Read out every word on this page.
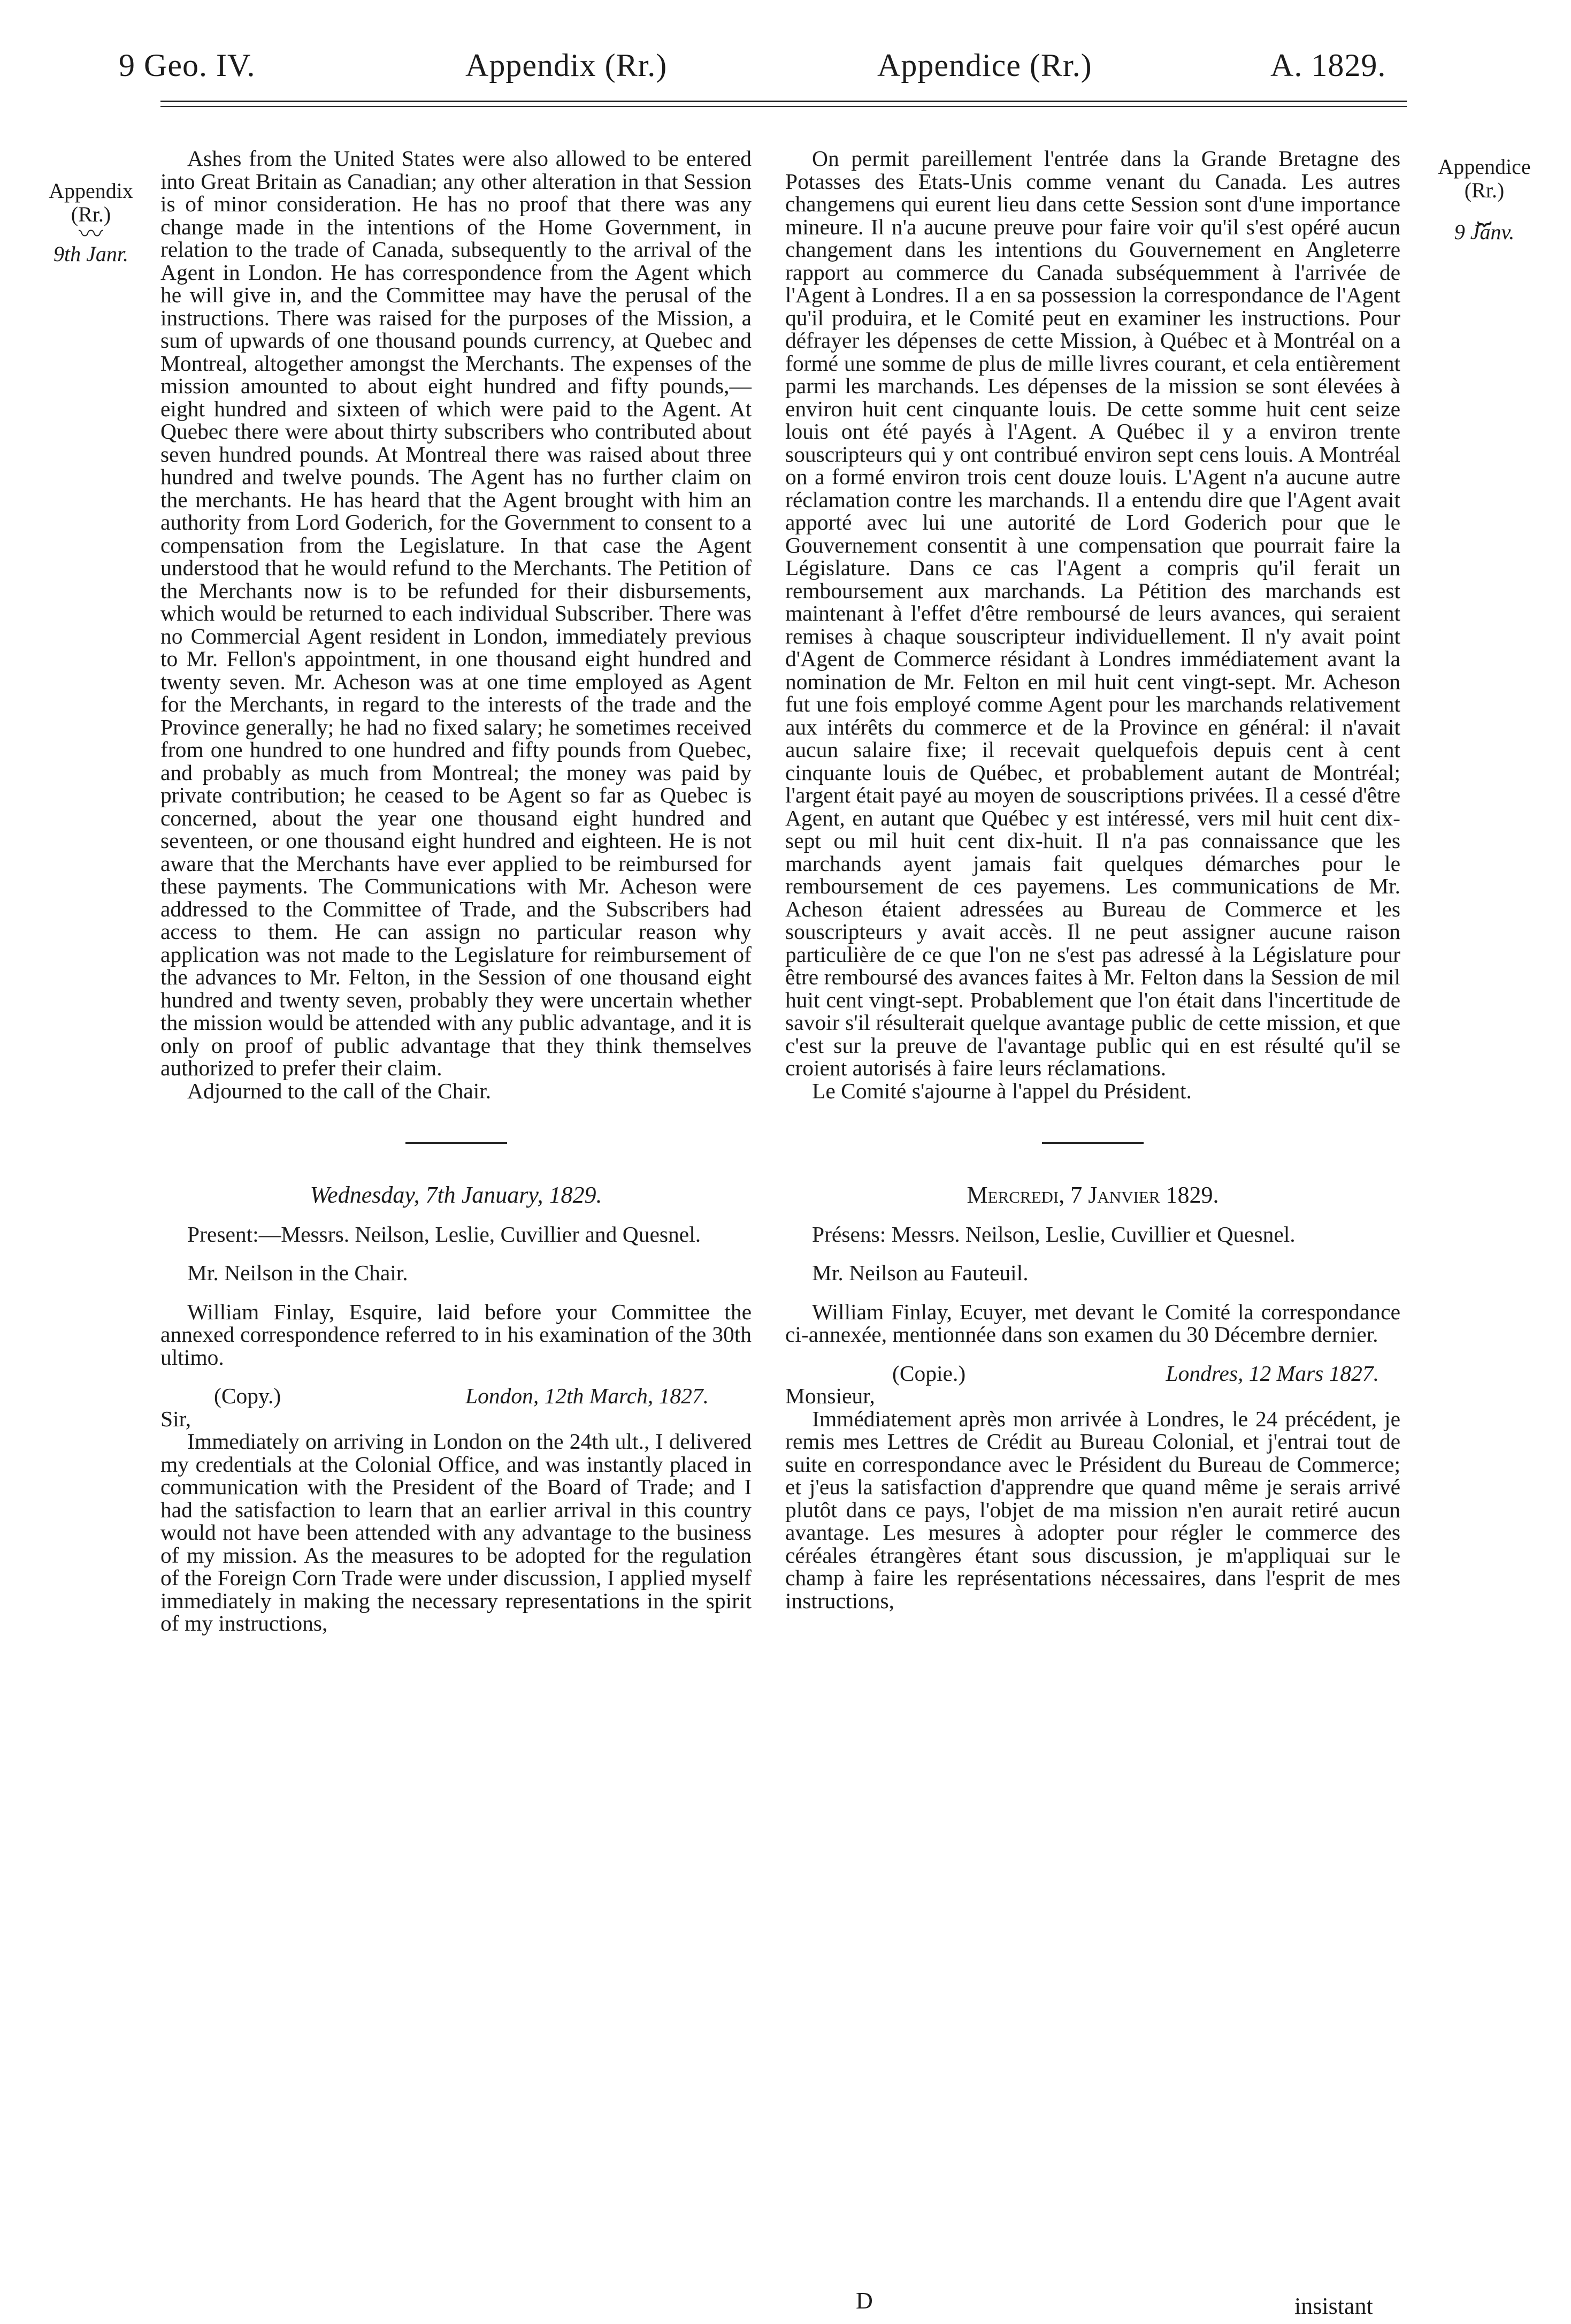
9 Geo. IV.	Appendix (Rr.)	Appendice (Rr.)	A. 1829.
Appendix
(Rr.)
〰
9th Janr.
Appendice
(Rr.)
⏟
9 Janv.

Ashes from the United States were also allowed to be entered into Great Britain as Canadian; any other alteration in that Session is of minor consideration. He has no proof that there was any change made in the intentions of the Home Government, in relation to the trade of Canada, subsequently to the arrival of the Agent in London. He has correspondence from the Agent which he will give in, and the Committee may have the perusal of the instructions. There was raised for the purposes of the Mission, a sum of upwards of one thousand pounds currency, at Quebec and Montreal, altogether amongst the Merchants. The expenses of the mission amounted to about eight hundred and fifty pounds,—eight hundred and sixteen of which were paid to the Agent. At Quebec there were about thirty subscribers who contributed about seven hundred pounds. At Montreal there was raised about three hundred and twelve pounds. The Agent has no further claim on the merchants. He has heard that the Agent brought with him an authority from Lord Goderich, for the Government to consent to a compensation from the Legislature. In that case the Agent understood that he would refund to the Merchants. The Petition of the Merchants now is to be refunded for their disbursements, which would be returned to each individual Subscriber. There was no Commercial Agent resident in London, immediately previous to Mr. Fellon's appointment, in one thousand eight hundred and twenty seven. Mr. Acheson was at one time employed as Agent for the Merchants, in regard to the interests of the trade and the Province generally; he had no fixed salary; he sometimes received from one hundred to one hundred and fifty pounds from Quebec, and probably as much from Montreal; the money was paid by private contribution; he ceased to be Agent so far as Quebec is concerned, about the year one thousand eight hundred and seventeen, or one thousand eight hundred and eighteen. He is not aware that the Merchants have ever applied to be reimbursed for these payments. The Communications with Mr. Acheson were addressed to the Committee of Trade, and the Subscribers had access to them. He can assign no particular reason why application was not made to the Legislature for reimbursement of the advances to Mr. Felton, in the Session of one thousand eight hundred and twenty seven, probably they were uncertain whether the mission would be attended with any public advantage, and it is only on proof of public advantage that they think themselves authorized to prefer their claim.

Adjourned to the call of the Chair.

Wednesday, 7th January, 1829.

Present:—Messrs. Neilson, Leslie, Cuvillier and Quesnel.

Mr. Neilson in the Chair.

William Finlay, Esquire, laid before your Committee the annexed correspondence referred to in his examination of the 30th ultimo.

(Copy.)	London, 12th March, 1827.

Sir,

Immediately on arriving in London on the 24th ult., I delivered my credentials at the Colonial Office, and was instantly placed in communication with the President of the Board of Trade; and I had the satisfaction to learn that an earlier arrival in this country would not have been attended with any advantage to the business of my mission. As the measures to be adopted for the regulation of the Foreign Corn Trade were under discussion, I applied myself immediately in making the necessary representations in the spirit of my instructions,

On permit pareillement l'entrée dans la Grande Bretagne des Potasses des Etats-Unis comme venant du Canada. Les autres changemens qui eurent lieu dans cette Session sont d'une importance mineure. Il n'a aucune preuve pour faire voir qu'il s'est opéré aucun changement dans les intentions du Gouvernement en Angleterre rapport au commerce du Canada subséquemment à l'arrivée de l'Agent à Londres. Il a en sa possession la correspondance de l'Agent qu'il produira, et le Comité peut en examiner les instructions. Pour défrayer les dépenses de cette Mission, à Québec et à Montréal on a formé une somme de plus de mille livres courant, et cela entièrement parmi les marchands. Les dépenses de la mission se sont élevées à environ huit cent cinquante louis. De cette somme huit cent seize louis ont été payés à l'Agent. A Québec il y a environ trente souscripteurs qui y ont contribué environ sept cens louis. A Montréal on a formé environ trois cent douze louis. L'Agent n'a aucune autre réclamation contre les marchands. Il a entendu dire que l'Agent avait apporté avec lui une autorité de Lord Goderich pour que le Gouvernement consentit à une compensation que pourrait faire la Législature. Dans ce cas l'Agent a compris qu'il ferait un remboursement aux marchands. La Pétition des marchands est maintenant à l'effet d'être remboursé de leurs avances, qui seraient remises à chaque souscripteur individuellement. Il n'y avait point d'Agent de Commerce résidant à Londres immédiatement avant la nomination de Mr. Felton en mil huit cent vingt-sept. Mr. Acheson fut une fois employé comme Agent pour les marchands relativement aux intérêts du commerce et de la Province en général: il n'avait aucun salaire fixe; il recevait quelquefois depuis cent à cent cinquante louis de Québec, et probablement autant de Montréal; l'argent était payé au moyen de souscriptions privées. Il a cessé d'être Agent, en autant que Québec y est intéressé, vers mil huit cent dix-sept ou mil huit cent dix-huit. Il n'a pas connaissance que les marchands ayent jamais fait quelques démarches pour le remboursement de ces payemens. Les communications de Mr. Acheson étaient adressées au Bureau de Commerce et les souscripteurs y avait accès. Il ne peut assigner aucune raison particulière de ce que l'on ne s'est pas adressé à la Législature pour être remboursé des avances faites à Mr. Felton dans la Session de mil huit cent vingt-sept. Probablement que l'on était dans l'incertitude de savoir s'il résulterait quelque avantage public de cette mission, et que c'est sur la preuve de l'avantage public qui en est résulté qu'il se croient autorisés à faire leurs réclamations.

Le Comité s'ajourne à l'appel du Président.

Mercredi, 7 Janvier 1829.

Présens: Messrs. Neilson, Leslie, Cuvillier et Quesnel.

Mr. Neilson au Fauteuil.

William Finlay, Ecuyer, met devant le Comité la correspondance ci-annexée, mentionnée dans son examen du 30 Décembre dernier.

(Copie.)	Londres, 12 Mars 1827.

Monsieur,

Immédiatement après mon arrivée à Londres, le 24 précédent, je remis mes Lettres de Crédit au Bureau Colonial, et j'entrai tout de suite en correspondance avec le Président du Bureau de Commerce; et j'eus la satisfaction d'apprendre que quand même je serais arrivé plutôt dans ce pays, l'objet de ma mission n'en aurait retiré aucun avantage. Les mesures à adopter pour régler le commerce des céréales étrangères étant sous discussion, je m'appliquai sur le champ à faire les représentations nécessaires, dans l'esprit de mes instructions,

D	insistant
